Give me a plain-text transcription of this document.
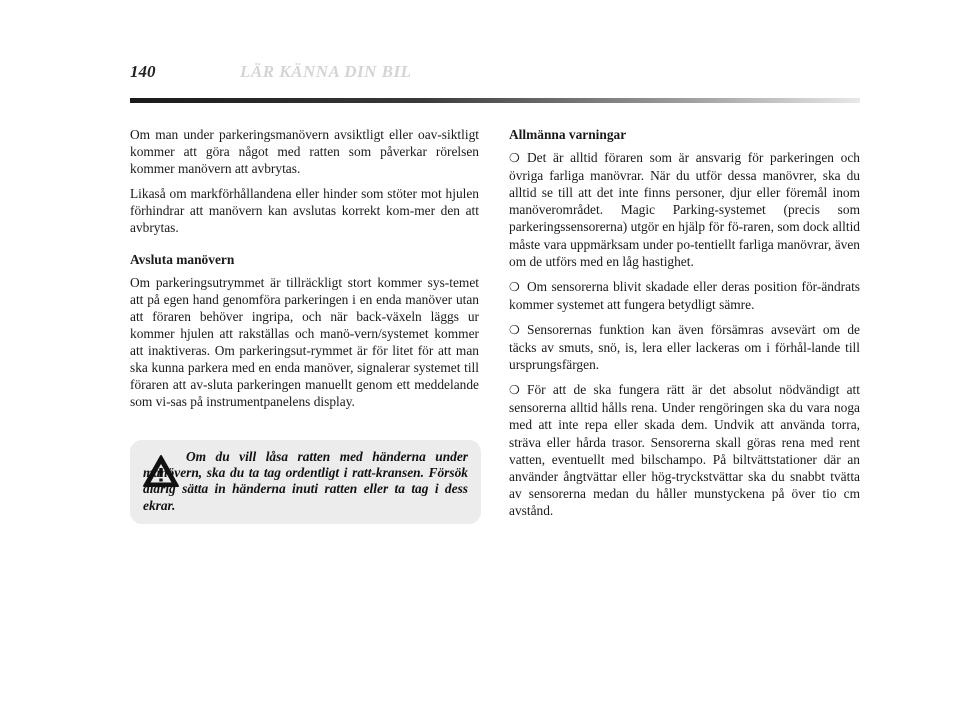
140	LÄR KÄNNA DIN BIL

Om man under parkeringsmanövern avsiktligt eller oav-siktligt kommer att göra något med ratten som påverkar rörelsen kommer manövern att avbrytas.

Likaså om markförhållandena eller hinder som stöter mot hjulen förhindrar att manövern kan avslutas korrekt kom-mer den att avbrytas.

Avsluta manövern

Om parkeringsutrymmet är tillräckligt stort kommer sys-temet att på egen hand genomföra parkeringen i en enda manöver utan att föraren behöver ingripa, och när back-växeln läggs ur kommer hjulen att rakställas och manö-vern/systemet kommer att inaktiveras. Om parkeringsut-rymmet är för litet för att man ska kunna parkera med en enda manöver, signalerar systemet till föraren att av-sluta parkeringen manuellt genom ett meddelande som vi-sas på instrumentpanelens display.

Om du vill låsa ratten med händerna under manövern, ska du ta tag ordentligt i ratt-kransen. Försök aldrig sätta in händerna inuti ratten eller ta tag i dess ekrar.
Allmänna varningar

❍ Det är alltid föraren som är ansvarig för parkeringen och övriga farliga manövrar. När du utför dessa manövrer, ska du alltid se till att det inte finns personer, djur eller föremål inom manöverområdet. Magic Parking-systemet (precis som parkeringssensorerna) utgör en hjälp för fö-raren, som dock alltid måste vara uppmärksam under po-tentiellt farliga manövrar, även om de utförs med en låg hastighet.

❍ Om sensorerna blivit skadade eller deras position för-ändrats kommer systemet att fungera betydligt sämre.

❍ Sensorernas funktion kan även försämras avsevärt om de täcks av smuts, snö, is, lera eller lackeras om i förhål-lande till ursprungsfärgen.

❍ För att de ska fungera rätt är det absolut nödvändigt att sensorerna alltid hålls rena. Under rengöringen ska du vara noga med att inte repa eller skada dem. Undvik att använda torra, sträva eller hårda trasor. Sensorerna skall göras rena med rent vatten, eventuellt med bilschampo. På biltvättstationer där an använder ångtvättar eller hög-tryckstvättar ska du snabbt tvätta av sensorerna medan du håller munstyckena på över tio cm avstånd.
